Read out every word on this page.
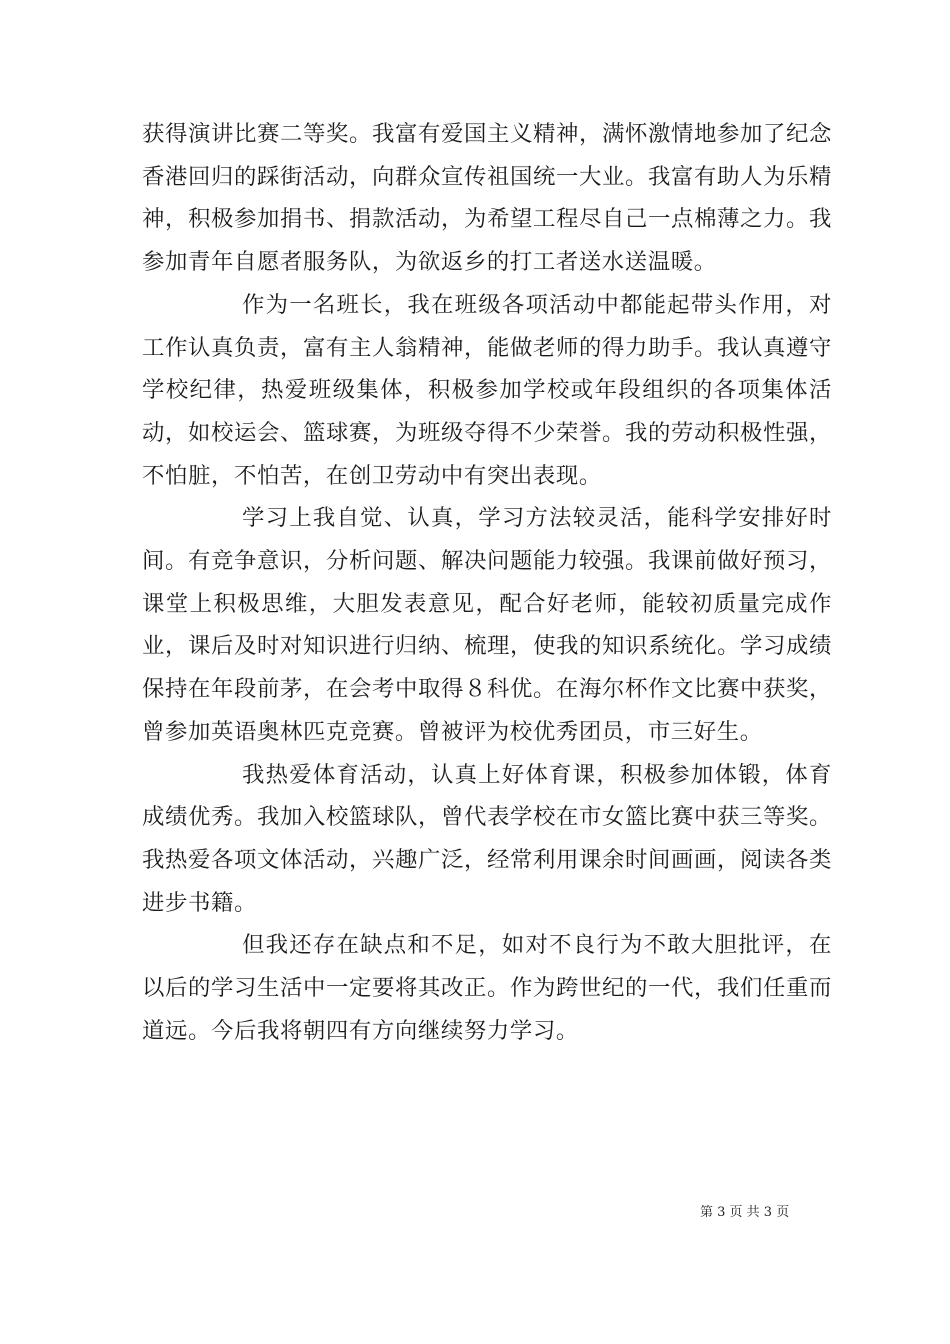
获得演讲比赛二等奖。我富有爱国主义精神，满怀激情地参加了纪念香港回归的踩街活动，向群众宣传祖国统一大业。我富有助人为乐精神，积极参加捐书、捐款活动，为希望工程尽自己一点棉薄之力。我参加青年自愿者服务队，为欲返乡的打工者送水送温暖。

作为一名班长，我在班级各项活动中都能起带头作用，对工作认真负责，富有主人翁精神，能做老师的得力助手。我认真遵守学校纪律，热爱班级集体，积极参加学校或年段组织的各项集体活动，如校运会、篮球赛，为班级夺得不少荣誉。我的劳动积极性强，不怕脏，不怕苦，在创卫劳动中有突出表现。

学习上我自觉、认真，学习方法较灵活，能科学安排好时间。有竞争意识，分析问题、解决问题能力较强。我课前做好预习，课堂上积极思维，大胆发表意见，配合好老师，能较初质量完成作业，课后及时对知识进行归纳、梳理，使我的知识系统化。学习成绩保持在年段前茅，在会考中取得８科优。在海尔杯作文比赛中获奖，曾参加英语奥林匹克竞赛。曾被评为校优秀团员，市三好生。

我热爱体育活动，认真上好体育课，积极参加体锻，体育成绩优秀。我加入校篮球队，曾代表学校在市女篮比赛中获三等奖。我热爱各项文体活动，兴趣广泛，经常利用课余时间画画，阅读各类进步书籍。

但我还存在缺点和不足，如对不良行为不敢大胆批评，在以后的学习生活中一定要将其改正。作为跨世纪的一代，我们任重而道远。今后我将朝四有方向继续努力学习。

第 3 页 共 3 页
